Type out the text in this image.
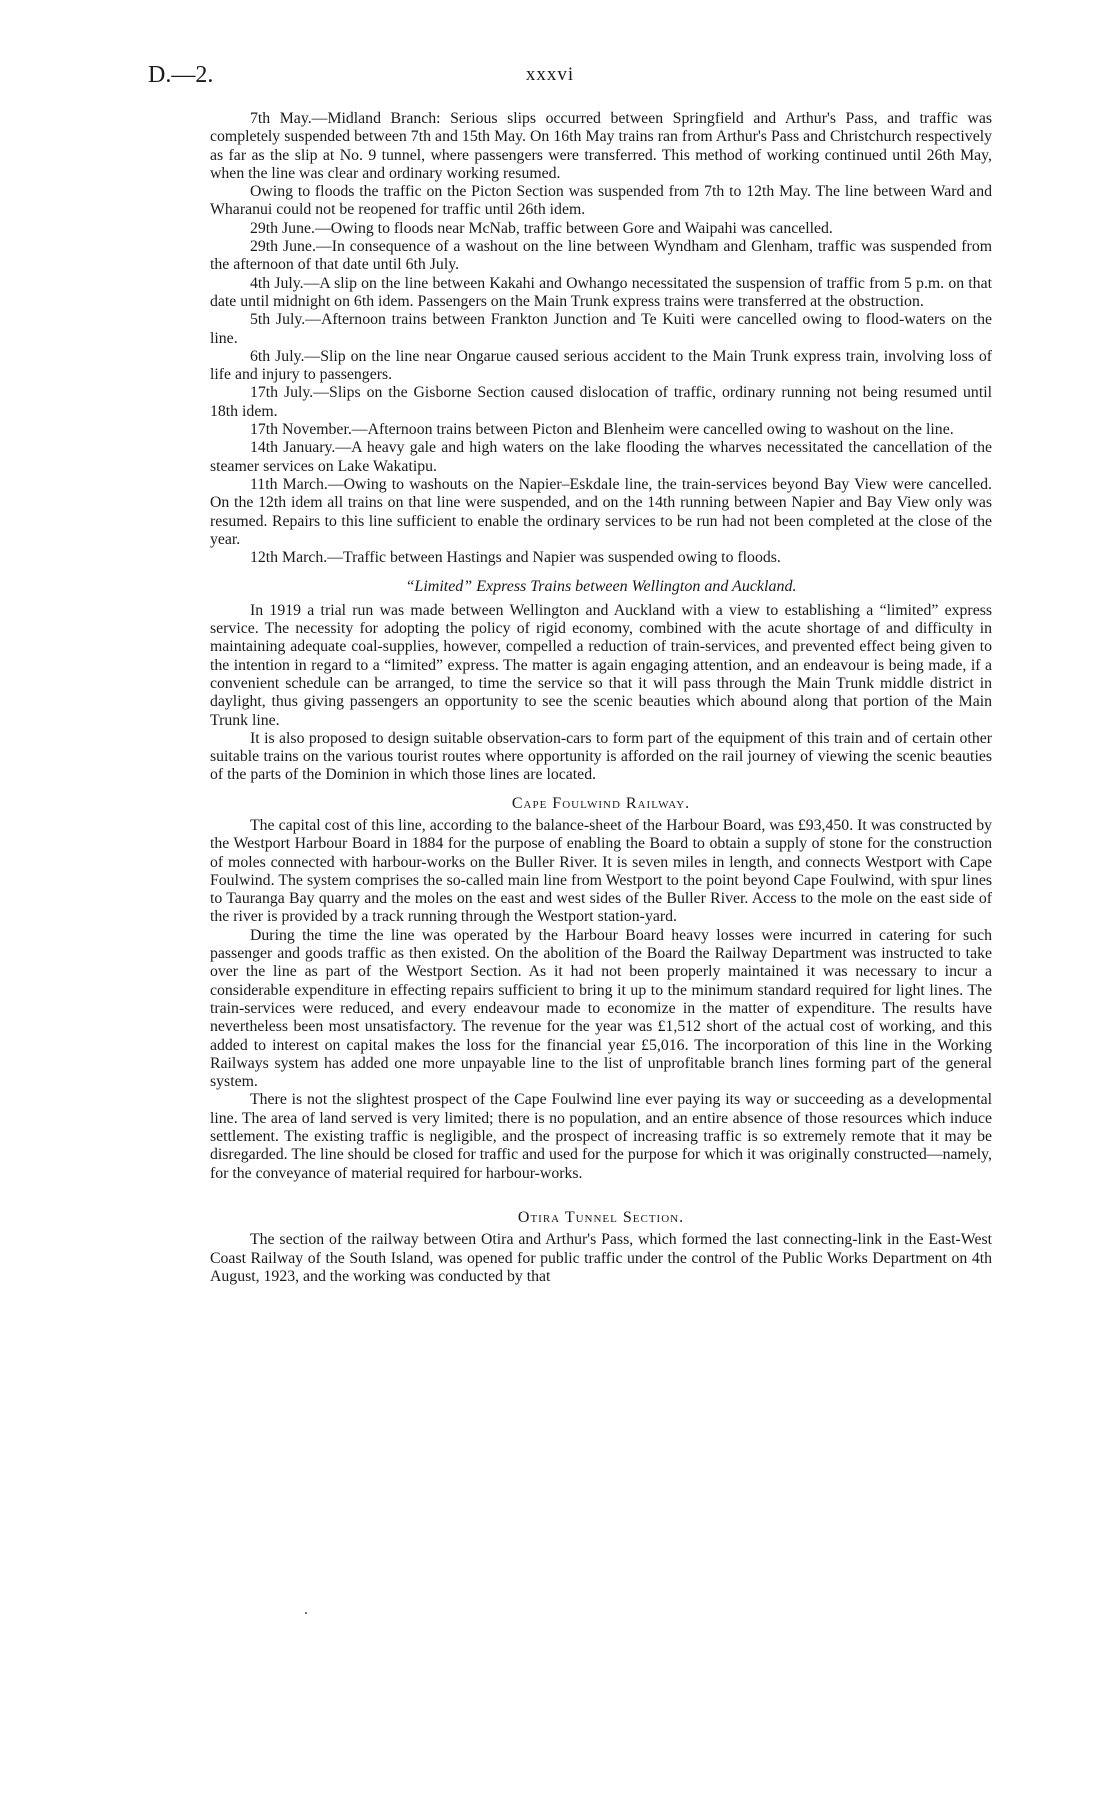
D.—2.	xxxvi

7th May.—Midland Branch: Serious slips occurred between Springfield and Arthur's Pass, and traffic was completely suspended between 7th and 15th May. On 16th May trains ran from Arthur's Pass and Christchurch respectively as far as the slip at No. 9 tunnel, where passengers were transferred. This method of working continued until 26th May, when the line was clear and ordinary working resumed.

Owing to floods the traffic on the Picton Section was suspended from 7th to 12th May. The line between Ward and Wharanui could not be reopened for traffic until 26th idem.

29th June.—Owing to floods near McNab, traffic between Gore and Waipahi was cancelled.

29th June.—In consequence of a washout on the line between Wyndham and Glenham, traffic was suspended from the afternoon of that date until 6th July.

4th July.—A slip on the line between Kakahi and Owhango necessitated the suspension of traffic from 5 p.m. on that date until midnight on 6th idem. Passengers on the Main Trunk express trains were transferred at the obstruction.

5th July.—Afternoon trains between Frankton Junction and Te Kuiti were cancelled owing to flood-waters on the line.

6th July.—Slip on the line near Ongarue caused serious accident to the Main Trunk express train, involving loss of life and injury to passengers.

17th July.—Slips on the Gisborne Section caused dislocation of traffic, ordinary running not being resumed until 18th idem.

17th November.—Afternoon trains between Picton and Blenheim were cancelled owing to washout on the line.

14th January.—A heavy gale and high waters on the lake flooding the wharves necessitated the cancellation of the steamer services on Lake Wakatipu.

11th March.—Owing to washouts on the Napier–Eskdale line, the train-services beyond Bay View were cancelled. On the 12th idem all trains on that line were suspended, and on the 14th running between Napier and Bay View only was resumed. Repairs to this line sufficient to enable the ordinary services to be run had not been completed at the close of the year.

12th March.—Traffic between Hastings and Napier was suspended owing to floods.

“Limited” Express Trains between Wellington and Auckland.

In 1919 a trial run was made between Wellington and Auckland with a view to establishing a “limited” express service. The necessity for adopting the policy of rigid economy, combined with the acute shortage of and difficulty in maintaining adequate coal-supplies, however, compelled a reduction of train-services, and prevented effect being given to the intention in regard to a “limited” express. The matter is again engaging attention, and an endeavour is being made, if a convenient schedule can be arranged, to time the service so that it will pass through the Main Trunk middle district in daylight, thus giving passengers an opportunity to see the scenic beauties which abound along that portion of the Main Trunk line.

It is also proposed to design suitable observation-cars to form part of the equipment of this train and of certain other suitable trains on the various tourist routes where opportunity is afforded on the rail journey of viewing the scenic beauties of the parts of the Dominion in which those lines are located.

Cape Foulwind Railway.

The capital cost of this line, according to the balance-sheet of the Harbour Board, was £93,450. It was constructed by the Westport Harbour Board in 1884 for the purpose of enabling the Board to obtain a supply of stone for the construction of moles connected with harbour-works on the Buller River. It is seven miles in length, and connects Westport with Cape Foulwind. The system comprises the so-called main line from Westport to the point beyond Cape Foulwind, with spur lines to Tauranga Bay quarry and the moles on the east and west sides of the Buller River. Access to the mole on the east side of the river is provided by a track running through the Westport station-yard.

During the time the line was operated by the Harbour Board heavy losses were incurred in catering for such passenger and goods traffic as then existed. On the abolition of the Board the Railway Department was instructed to take over the line as part of the Westport Section. As it had not been properly maintained it was necessary to incur a considerable expenditure in effecting repairs sufficient to bring it up to the minimum standard required for light lines. The train-services were reduced, and every endeavour made to economize in the matter of expenditure. The results have nevertheless been most unsatisfactory. The revenue for the year was £1,512 short of the actual cost of working, and this added to interest on capital makes the loss for the financial year £5,016. The incorporation of this line in the Working Railways system has added one more unpayable line to the list of unprofitable branch lines forming part of the general system.

There is not the slightest prospect of the Cape Foulwind line ever paying its way or succeeding as a developmental line. The area of land served is very limited; there is no population, and an entire absence of those resources which induce settlement. The existing traffic is negligible, and the prospect of increasing traffic is so extremely remote that it may be disregarded. The line should be closed for traffic and used for the purpose for which it was originally constructed—namely, for the conveyance of material required for harbour-works.

Otira Tunnel Section.

The section of the railway between Otira and Arthur's Pass, which formed the last connecting-link in the East-West Coast Railway of the South Island, was opened for public traffic under the control of the Public Works Department on 4th August, 1923, and the working was conducted by that
